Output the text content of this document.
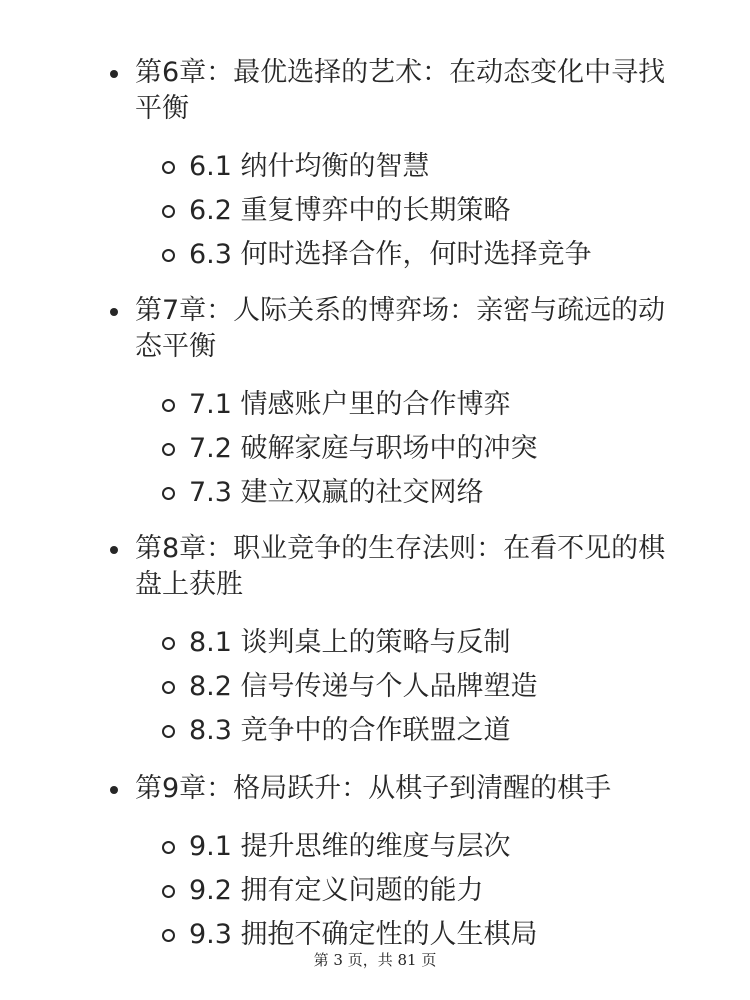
第6章：最优选择的艺术：在动态变化中寻找平衡
6.1 纳什均衡的智慧
6.2 重复博弈中的长期策略
6.3 何时选择合作，何时选择竞争
第7章：人际关系的博弈场：亲密与疏远的动态平衡
7.1 情感账户里的合作博弈
7.2 破解家庭与职场中的冲突
7.3 建立双赢的社交网络
第8章：职业竞争的生存法则：在看不见的棋盘上获胜
8.1 谈判桌上的策略与反制
8.2 信号传递与个人品牌塑造
8.3 竞争中的合作联盟之道
第9章：格局跃升：从棋子到清醒的棋手
9.1 提升思维的维度与层次
9.2 拥有定义问题的能力
9.3 拥抱不确定性的人生棋局
第 3 页，共 81 页
